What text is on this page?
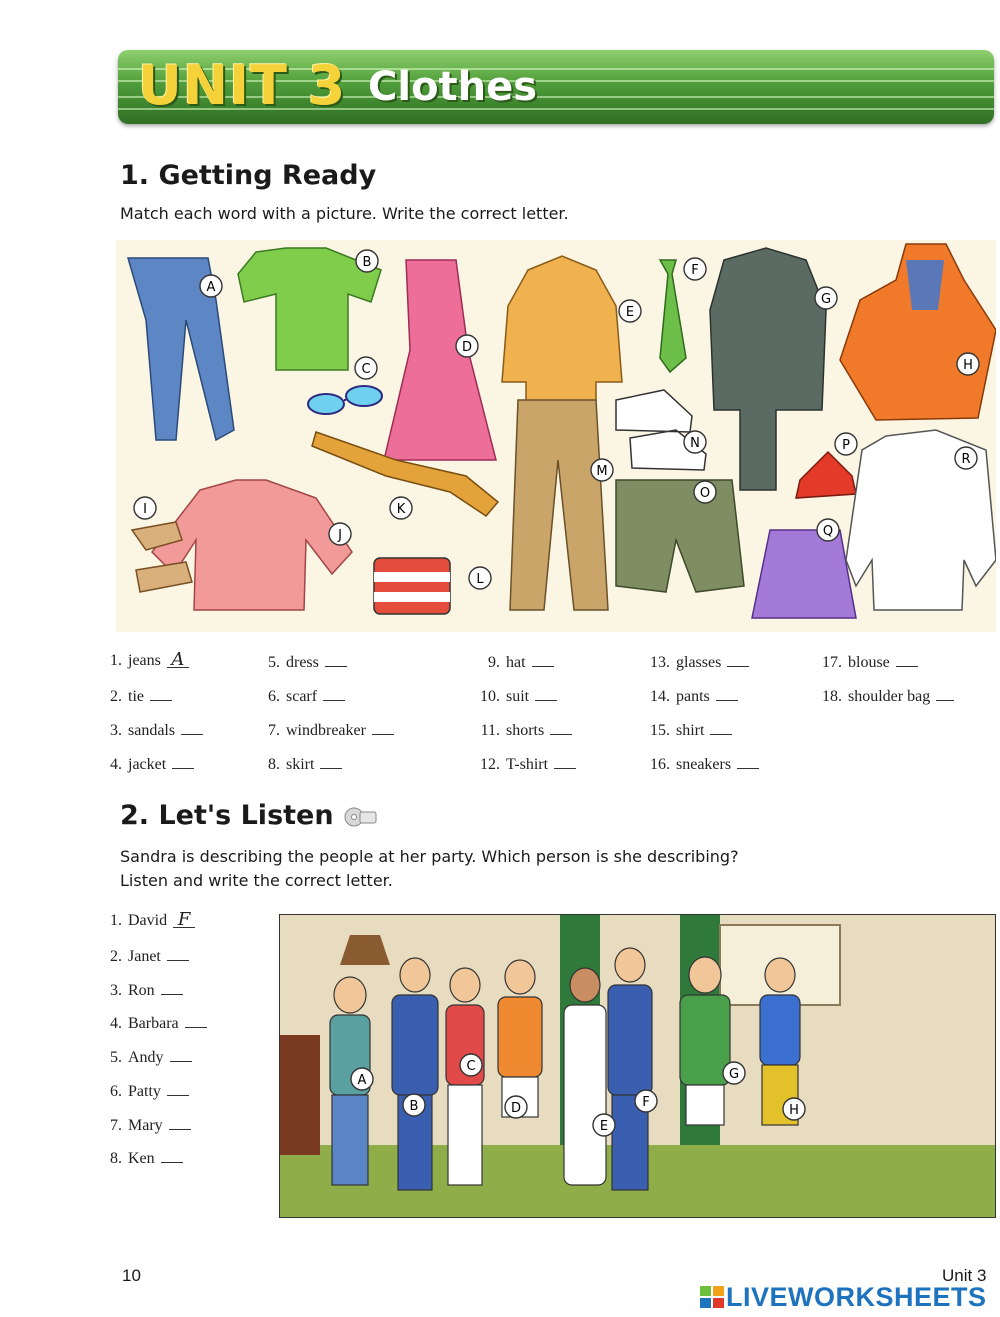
UNIT 3 Clothes
1. Getting Ready
Match each word with a picture. Write the correct letter.
A
B
C
D
E
F
G
H
I
J
K
L
M
N
O
P
Q
R
1. jeans A
2. tie
3. sandals
4. jacket
5. dress
6. scarf
7. windbreaker
8. skirt
9. hat
10. suit
11. shorts
12. T-shirt
13. glasses
14. pants
15. shirt
16. sneakers
17. blouse
18. shoulder bag
2. Let's Listen
Sandra is describing the people at her party. Which person is she describing?
Listen and write the correct letter.
1. David F
2. Janet
3. Ron
4. Barbara
5. Andy
6. Patty
7. Mary
8. Ken
A
B
C
D
E
F
G
H
10	Unit 3
LIVEWORKSHEETS
